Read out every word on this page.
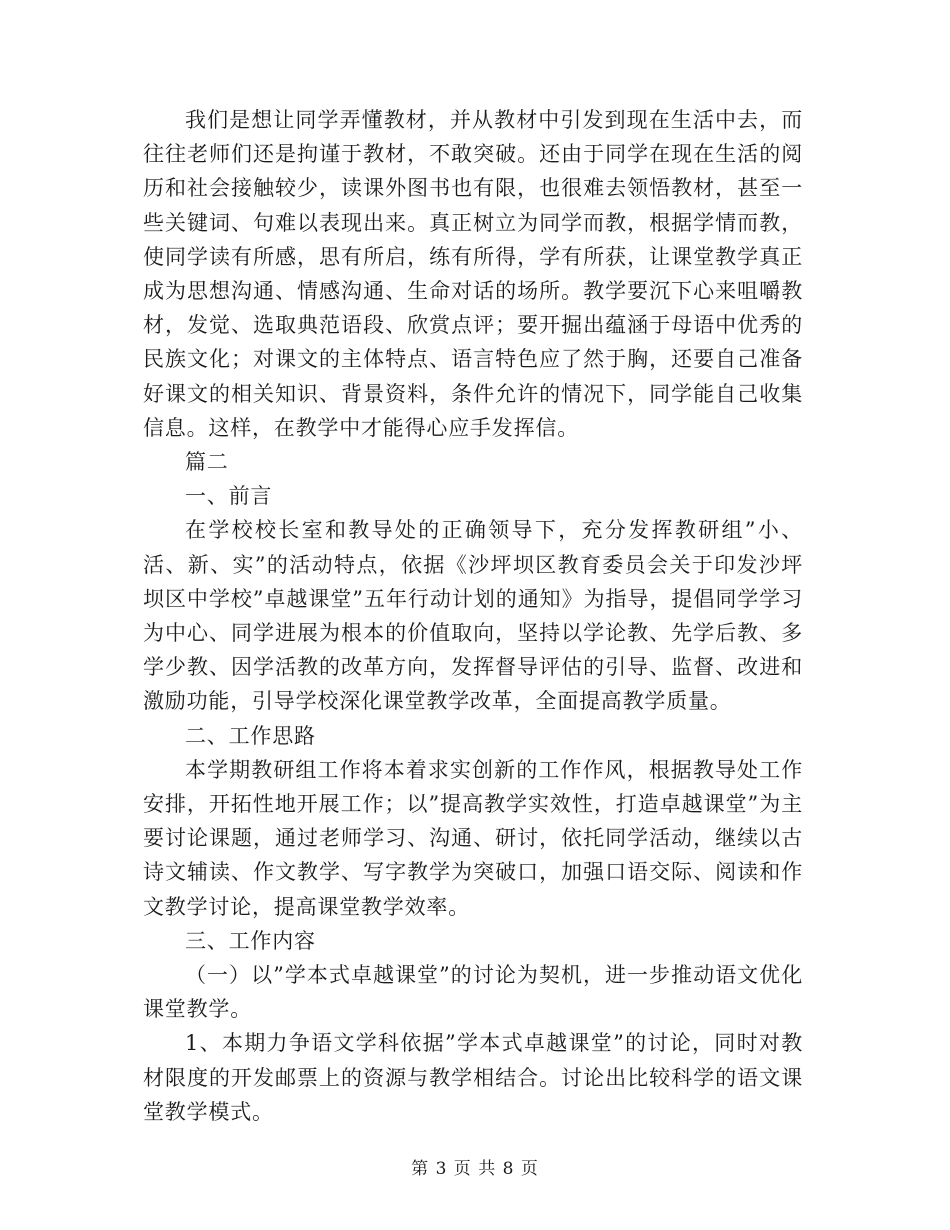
我们是想让同学弄懂教材，并从教材中引发到现在生活中去，而往往老师们还是拘谨于教材，不敢突破。还由于同学在现在生活的阅历和社会接触较少，读课外图书也有限，也很难去领悟教材，甚至一些关键词、句难以表现出来。真正树立为同学而教，根据学情而教，使同学读有所感，思有所启，练有所得，学有所获，让课堂教学真正成为思想沟通、情感沟通、生命对话的场所。教学要沉下心来咀嚼教材，发觉、选取典范语段、欣赏点评；要开掘出蕴涵于母语中优秀的民族文化；对课文的主体特点、语言特色应了然于胸，还要自己准备好课文的相关知识、背景资料，条件允许的情况下，同学能自己收集信息。这样，在教学中才能得心应手发挥信。

篇二

一、前言

在学校校长室和教导处的正确领导下，充分发挥教研组”小、活、新、实”的活动特点，依据《沙坪坝区教育委员会关于印发沙坪坝区中学校”卓越课堂”五年行动计划的通知》为指导，提倡同学学习为中心、同学进展为根本的价值取向，坚持以学论教、先学后教、多学少教、因学活教的改革方向，发挥督导评估的引导、监督、改进和激励功能，引导学校深化课堂教学改革，全面提高教学质量。

二、工作思路

本学期教研组工作将本着求实创新的工作作风，根据教导处工作安排，开拓性地开展工作；以”提高教学实效性，打造卓越课堂”为主要讨论课题，通过老师学习、沟通、研讨，依托同学活动，继续以古诗文辅读、作文教学、写字教学为突破口，加强口语交际、阅读和作文教学讨论，提高课堂教学效率。

三、工作内容

（一）以”学本式卓越课堂”的讨论为契机，进一步推动语文优化课堂教学。

1、本期力争语文学科依据”学本式卓越课堂”的讨论，同时对教材限度的开发邮票上的资源与教学相结合。讨论出比较科学的语文课堂教学模式。

第 3 页 共 8 页
